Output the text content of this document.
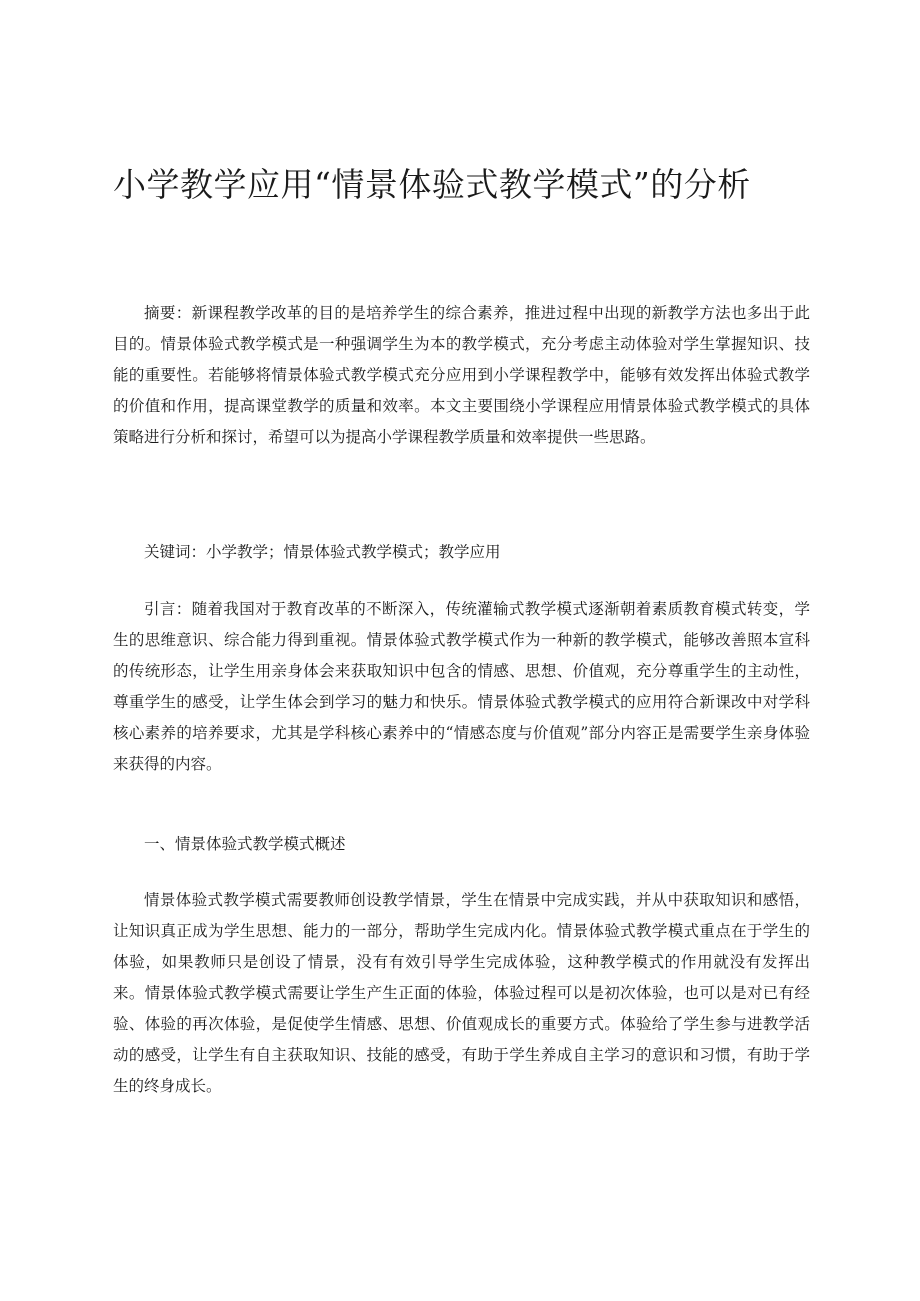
小学教学应用“情景体验式教学模式”的分析

摘要：新课程教学改革的目的是培养学生的综合素养，推进过程中出现的新教学方法也多出于此目的。情景体验式教学模式是一种强调学生为本的教学模式，充分考虑主动体验对学生掌握知识、技能的重要性。若能够将情景体验式教学模式充分应用到小学课程教学中，能够有效发挥出体验式教学的价值和作用，提高课堂教学的质量和效率。本文主要围绕小学课程应用情景体验式教学模式的具体策略进行分析和探讨，希望可以为提高小学课程教学质量和效率提供一些思路。

关键词：小学教学；情景体验式教学模式；教学应用

引言：随着我国对于教育改革的不断深入，传统灌输式教学模式逐渐朝着素质教育模式转变，学生的思维意识、综合能力得到重视。情景体验式教学模式作为一种新的教学模式，能够改善照本宣科的传统形态，让学生用亲身体会来获取知识中包含的情感、思想、价值观，充分尊重学生的主动性，尊重学生的感受，让学生体会到学习的魅力和快乐。情景体验式教学模式的应用符合新课改中对学科核心素养的培养要求，尤其是学科核心素养中的“情感态度与价值观”部分内容正是需要学生亲身体验来获得的内容。

一、情景体验式教学模式概述

情景体验式教学模式需要教师创设教学情景，学生在情景中完成实践，并从中获取知识和感悟，让知识真正成为学生思想、能力的一部分，帮助学生完成内化。情景体验式教学模式重点在于学生的体验，如果教师只是创设了情景，没有有效引导学生完成体验，这种教学模式的作用就没有发挥出来。情景体验式教学模式需要让学生产生正面的体验，体验过程可以是初次体验，也可以是对已有经验、体验的再次体验，是促使学生情感、思想、价值观成长的重要方式。体验给了学生参与进教学活动的感受，让学生有自主获取知识、技能的感受，有助于学生养成自主学习的意识和习惯，有助于学生的终身成长。
